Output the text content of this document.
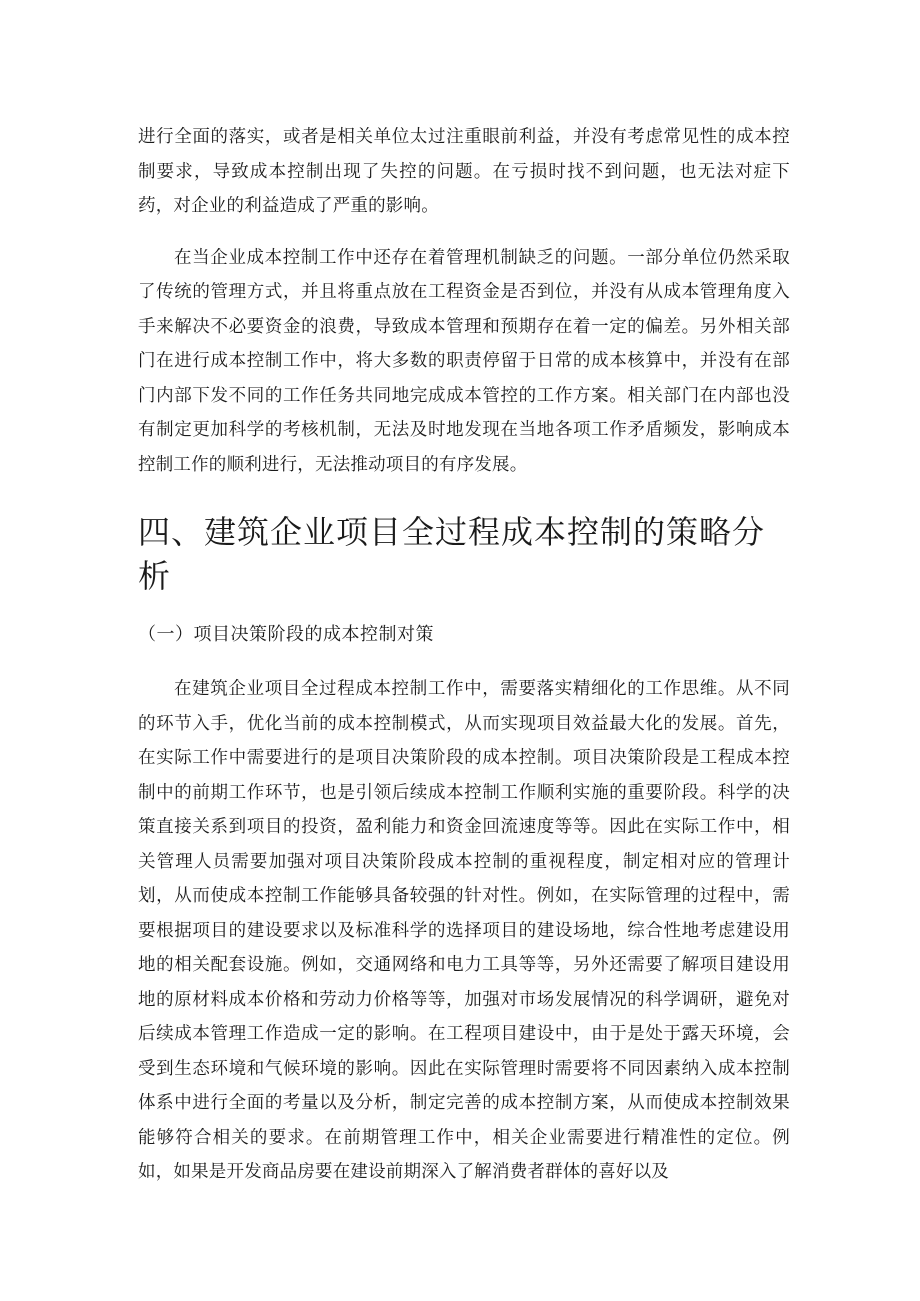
进行全面的落实，或者是相关单位太过注重眼前利益，并没有考虑常见性的成本控制要求，导致成本控制出现了失控的问题。在亏损时找不到问题，也无法对症下药，对企业的利益造成了严重的影响。

在当企业成本控制工作中还存在着管理机制缺乏的问题。一部分单位仍然采取了传统的管理方式，并且将重点放在工程资金是否到位，并没有从成本管理角度入手来解决不必要资金的浪费，导致成本管理和预期存在着一定的偏差。另外相关部门在进行成本控制工作中，将大多数的职责停留于日常的成本核算中，并没有在部门内部下发不同的工作任务共同地完成成本管控的工作方案。相关部门在内部也没有制定更加科学的考核机制，无法及时地发现在当地各项工作矛盾频发，影响成本控制工作的顺利进行，无法推动项目的有序发展。

四、建筑企业项目全过程成本控制的策略分析
（一）项目决策阶段的成本控制对策

在建筑企业项目全过程成本控制工作中，需要落实精细化的工作思维。从不同的环节入手，优化当前的成本控制模式，从而实现项目效益最大化的发展。首先，在实际工作中需要进行的是项目决策阶段的成本控制。项目决策阶段是工程成本控制中的前期工作环节，也是引领后续成本控制工作顺利实施的重要阶段。科学的决策直接关系到项目的投资，盈利能力和资金回流速度等等。因此在实际工作中，相关管理人员需要加强对项目决策阶段成本控制的重视程度，制定相对应的管理计划，从而使成本控制工作能够具备较强的针对性。例如，在实际管理的过程中，需要根据项目的建设要求以及标准科学的选择项目的建设场地，综合性地考虑建设用地的相关配套设施。例如，交通网络和电力工具等等，另外还需要了解项目建设用地的原材料成本价格和劳动力价格等等，加强对市场发展情况的科学调研，避免对后续成本管理工作造成一定的影响。在工程项目建设中，由于是处于露天环境，会受到生态环境和气候环境的影响。因此在实际管理时需要将不同因素纳入成本控制体系中进行全面的考量以及分析，制定完善的成本控制方案，从而使成本控制效果能够符合相关的要求。在前期管理工作中，相关企业需要进行精准性的定位。例如，如果是开发商品房要在建设前期深入了解消费者群体的喜好以及
